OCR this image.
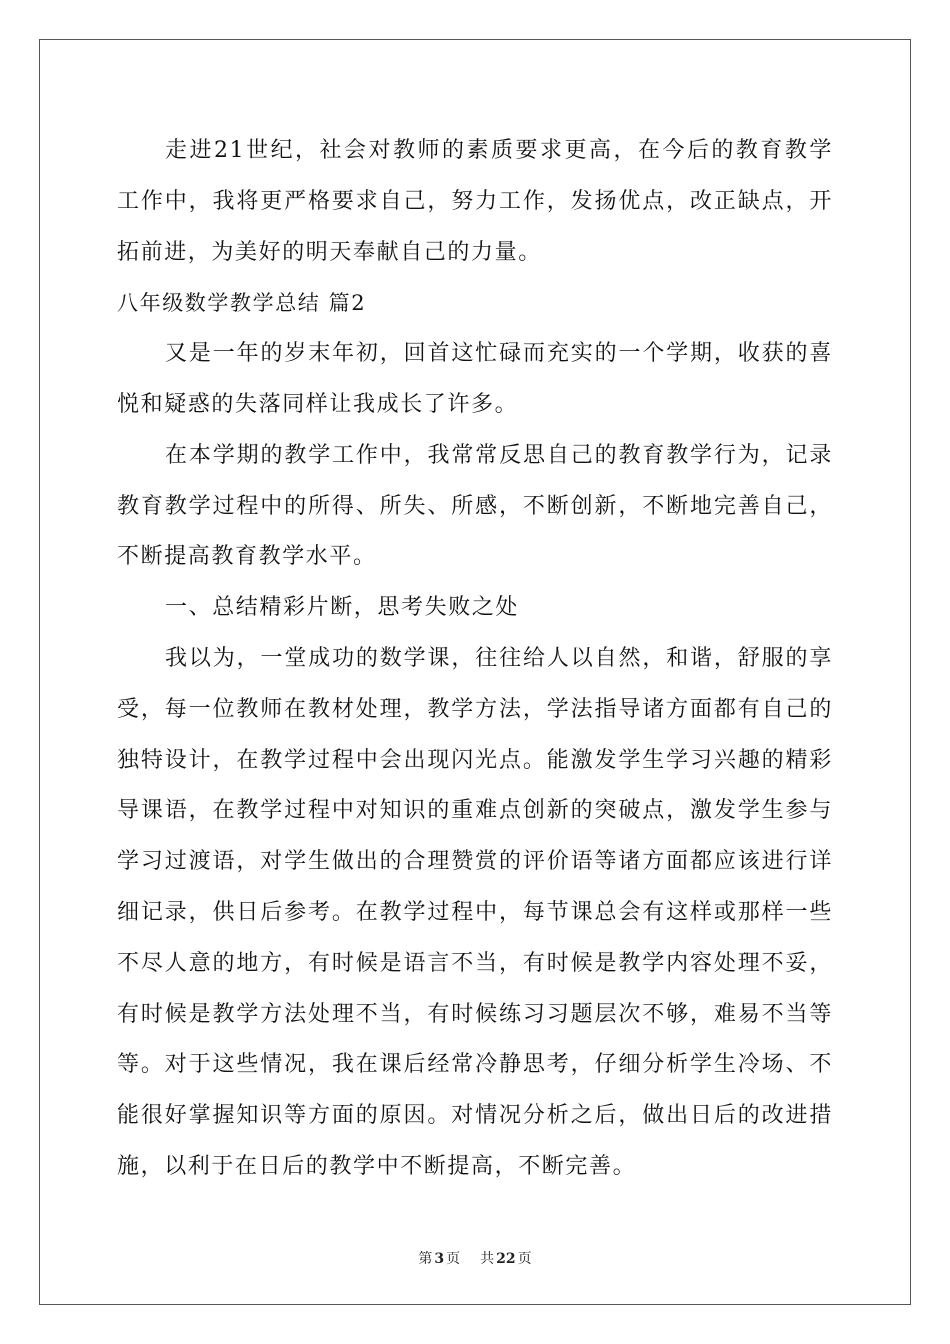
走进21世纪，社会对教师的素质要求更高，在今后的教育教学
工作中，我将更严格要求自己，努力工作，发扬优点，改正缺点，开
拓前进，为美好的明天奉献自己的力量。
八年级数学教学总结 篇2
又是一年的岁末年初，回首这忙碌而充实的一个学期，收获的喜
悦和疑惑的失落同样让我成长了许多。
在本学期的教学工作中，我常常反思自己的教育教学行为，记录
教育教学过程中的所得、所失、所感，不断创新，不断地完善自己，
不断提高教育教学水平。
一、总结精彩片断，思考失败之处
我以为，一堂成功的数学课，往往给人以自然，和谐，舒服的享
受，每一位教师在教材处理，教学方法，学法指导诸方面都有自己的
独特设计，在教学过程中会出现闪光点。能激发学生学习兴趣的精彩
导课语，在教学过程中对知识的重难点创新的突破点，激发学生参与
学习过渡语，对学生做出的合理赞赏的评价语等诸方面都应该进行详
细记录，供日后参考。在教学过程中，每节课总会有这样或那样一些
不尽人意的地方，有时候是语言不当，有时候是教学内容处理不妥，
有时候是教学方法处理不当，有时候练习习题层次不够，难易不当等
等。对于这些情况，我在课后经常冷静思考，仔细分析学生冷场、不
能很好掌握知识等方面的原因。对情况分析之后，做出日后的改进措
施，以利于在日后的教学中不断提高，不断完善。
第 3 页 共 22 页
